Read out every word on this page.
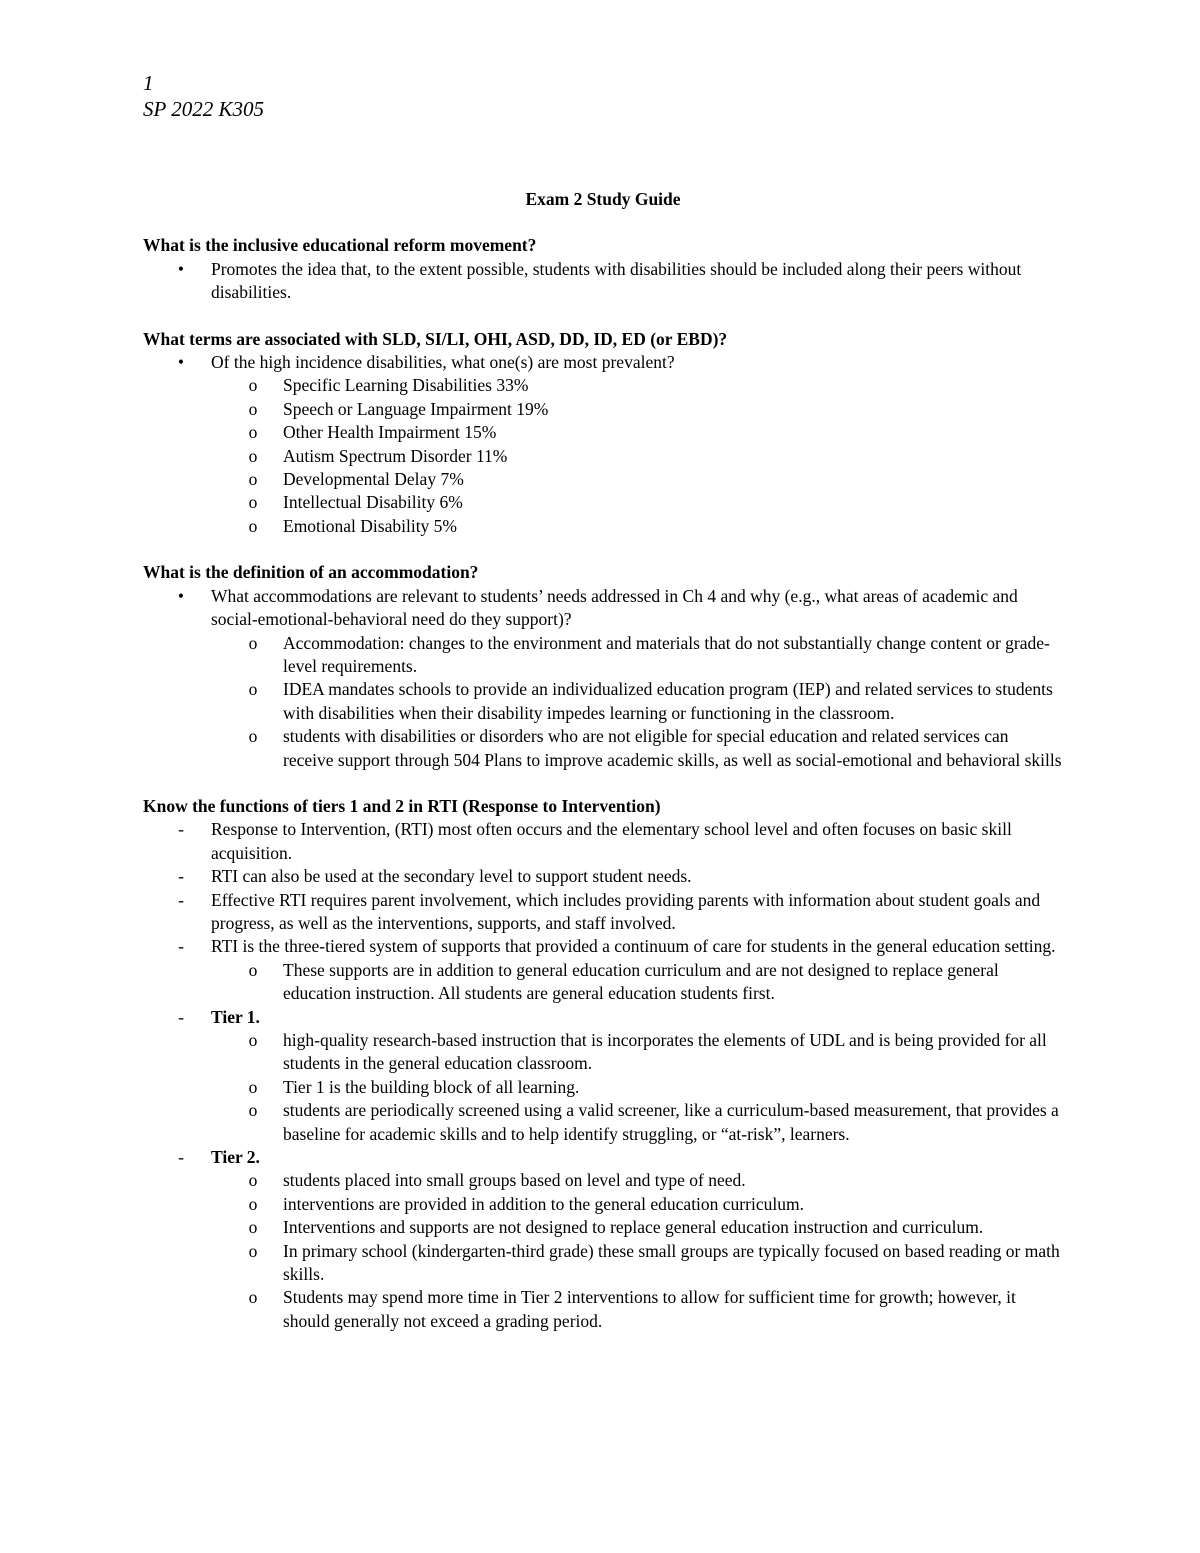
1
SP 2022 K305
Exam 2 Study Guide

What is the inclusive educational reform movement?

•	Promotes the idea that, to the extent possible, students with disabilities should be included along their peers without disabilities.

What terms are associated with SLD, SI/LI, OHI, ASD, DD, ID, ED (or EBD)?

•	Of the high incidence disabilities, what one(s) are most prevalent?
o	Specific Learning Disabilities 33%
o	Speech or Language Impairment 19%
o	Other Health Impairment 15%
o	Autism Spectrum Disorder 11%
o	Developmental Delay 7%
o	Intellectual Disability 6%
o	Emotional Disability 5%

What is the definition of an accommodation?

•	What accommodations are relevant to students’ needs addressed in Ch 4 and why (e.g., what areas of academic and social-emotional-behavioral need do they support)?
o	Accommodation: changes to the environment and materials that do not substantially change content or grade-level requirements.
o	IDEA mandates schools to provide an individualized education program (IEP) and related services to students with disabilities when their disability impedes learning or functioning in the classroom.
o	students with disabilities or disorders who are not eligible for special education and related services can receive support through 504 Plans to improve academic skills, as well as social-emotional and behavioral skills

Know the functions of tiers 1 and 2 in RTI (Response to Intervention)

-	Response to Intervention, (RTI) most often occurs and the elementary school level and often focuses on basic skill acquisition.
-	RTI can also be used at the secondary level to support student needs.
-	Effective RTI requires parent involvement, which includes providing parents with information about student goals and progress, as well as the interventions, supports, and staff involved.
-	RTI is the three-tiered system of supports that provided a continuum of care for students in the general education setting.
o	These supports are in addition to general education curriculum and are not designed to replace general education instruction. All students are general education students first.
-	Tier 1.
o	high-quality research-based instruction that is incorporates the elements of UDL and is being provided for all students in the general education classroom.
o	Tier 1 is the building block of all learning.
o	students are periodically screened using a valid screener, like a curriculum-based measurement, that provides a baseline for academic skills and to help identify struggling, or “at-risk”, learners.
-	Tier 2.
o	students placed into small groups based on level and type of need.
o	interventions are provided in addition to the general education curriculum.
o	Interventions and supports are not designed to replace general education instruction and curriculum.
o	In primary school (kindergarten-third grade) these small groups are typically focused on based reading or math skills.
o	Students may spend more time in Tier 2 interventions to allow for sufficient time for growth; however, it should generally not exceed a grading period.
